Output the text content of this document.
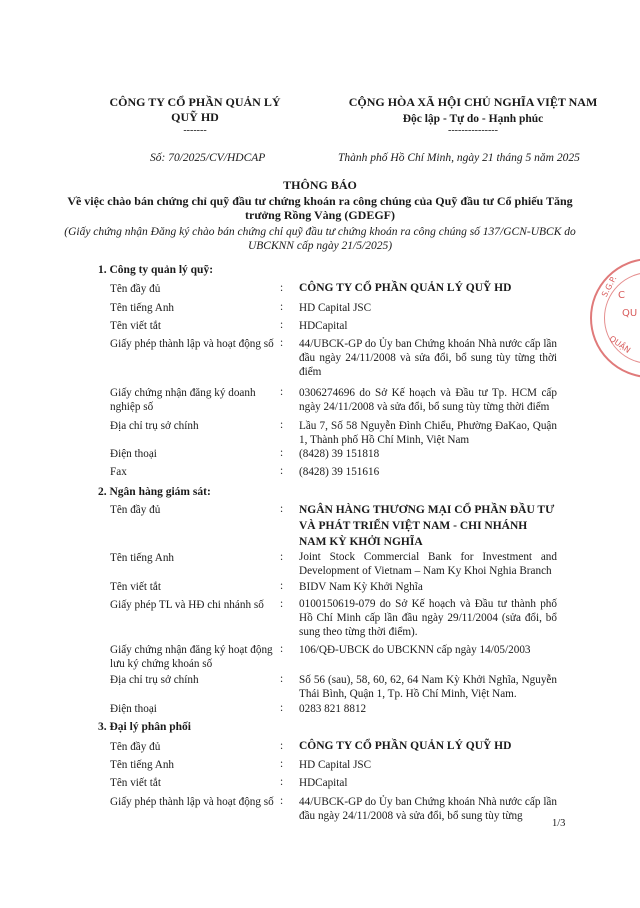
CÔNG TY CỔ PHẦN QUẢN LÝ QUỸ HD
-------
CỘNG HÒA XÃ HỘI CHỦ NGHĨA VIỆT NAM
Độc lập - Tự do - Hạnh phúc
---------------
Số: 70/2025/CV/HDCAP	Thành phố Hồ Chí Minh, ngày 21 tháng 5 năm 2025
THÔNG BÁO
Về việc chào bán chứng chỉ quỹ đầu tư chứng khoán ra công chúng của Quỹ đầu tư Cổ phiếu Tăng trưởng Rồng Vàng (GDEGF)
(Giấy chứng nhận Đăng ký chào bán chứng chỉ quỹ đầu tư chứng khoán ra công chúng số 137/GCN-UBCK do UBCKNN cấp ngày 21/5/2025)
1. Công ty quản lý quỹ:
Tên đầy đủ	: CÔNG TY CỔ PHẦN QUẢN LÝ QUỸ HD
Tên tiếng Anh	: HD Capital JSC
Tên viết tắt	: HDCapital
Giấy phép thành lập và hoạt động số : 44/UBCK-GP do Ủy ban Chứng khoán Nhà nước cấp lần đầu ngày 24/11/2008 và sửa đổi, bổ sung tùy từng thời điểm
Giấy chứng nhận đăng ký doanh nghiệp số
: 0306274696 do Sở Kế hoạch và Đầu tư Tp. HCM cấp ngày 24/11/2008 và sửa đổi, bổ sung tùy từng thời điểm
Địa chỉ trụ sở chính	: Lầu 7, Số 58 Nguyễn Đình Chiểu, Phường ĐaKao, Quận 1, Thành phố Hồ Chí Minh, Việt Nam
Điện thoại	: (8428) 39 151818
Fax	: (8428) 39 151616
2. Ngân hàng giám sát:
Tên đầy đủ	: NGÂN HÀNG THƯƠNG MẠI CỔ PHẦN ĐẦU TƯ VÀ PHÁT TRIỂN VIỆT NAM - CHI NHÁNH NAM KỲ KHỞI NGHĨA
Tên tiếng Anh	: Joint Stock Commercial Bank for Investment and Development of Vietnam – Nam Ky Khoi Nghia Branch
Tên viết tắt	: BIDV Nam Kỳ Khởi Nghĩa
Giấy phép TL và HĐ chi nhánh số	: 0100150619-079 do Sở Kế hoạch và Đầu tư thành phố Hồ Chí Minh cấp lần đầu ngày 29/11/2004 (sửa đổi, bổ sung theo từng thời điểm).
Giấy chứng nhận đăng ký hoạt động lưu ký chứng khoán số
: 106/QĐ-UBCK do UBCKNN cấp ngày 14/05/2003
Địa chỉ trụ sở chính	: Số 56 (sau), 58, 60, 62, 64 Nam Kỳ Khởi Nghĩa, Nguyễn Thái Bình, Quận 1, Tp. Hồ Chí Minh, Việt Nam.
Điện thoại	: 0283 821 8812
3. Đại lý phân phối
Tên đầy đủ	: CÔNG TY CỔ PHẦN QUẢN LÝ QUỸ HD
Tên tiếng Anh	: HD Capital JSC
Tên viết tắt	: HDCapital
Giấy phép thành lập và hoạt động số : 44/UBCK-GP do Ủy ban Chứng khoán Nhà nước cấp lần đầu ngày 24/11/2008 và sửa đổi, bổ sung tùy từng
1/3
S.G.P. C
QU
QUẬN
